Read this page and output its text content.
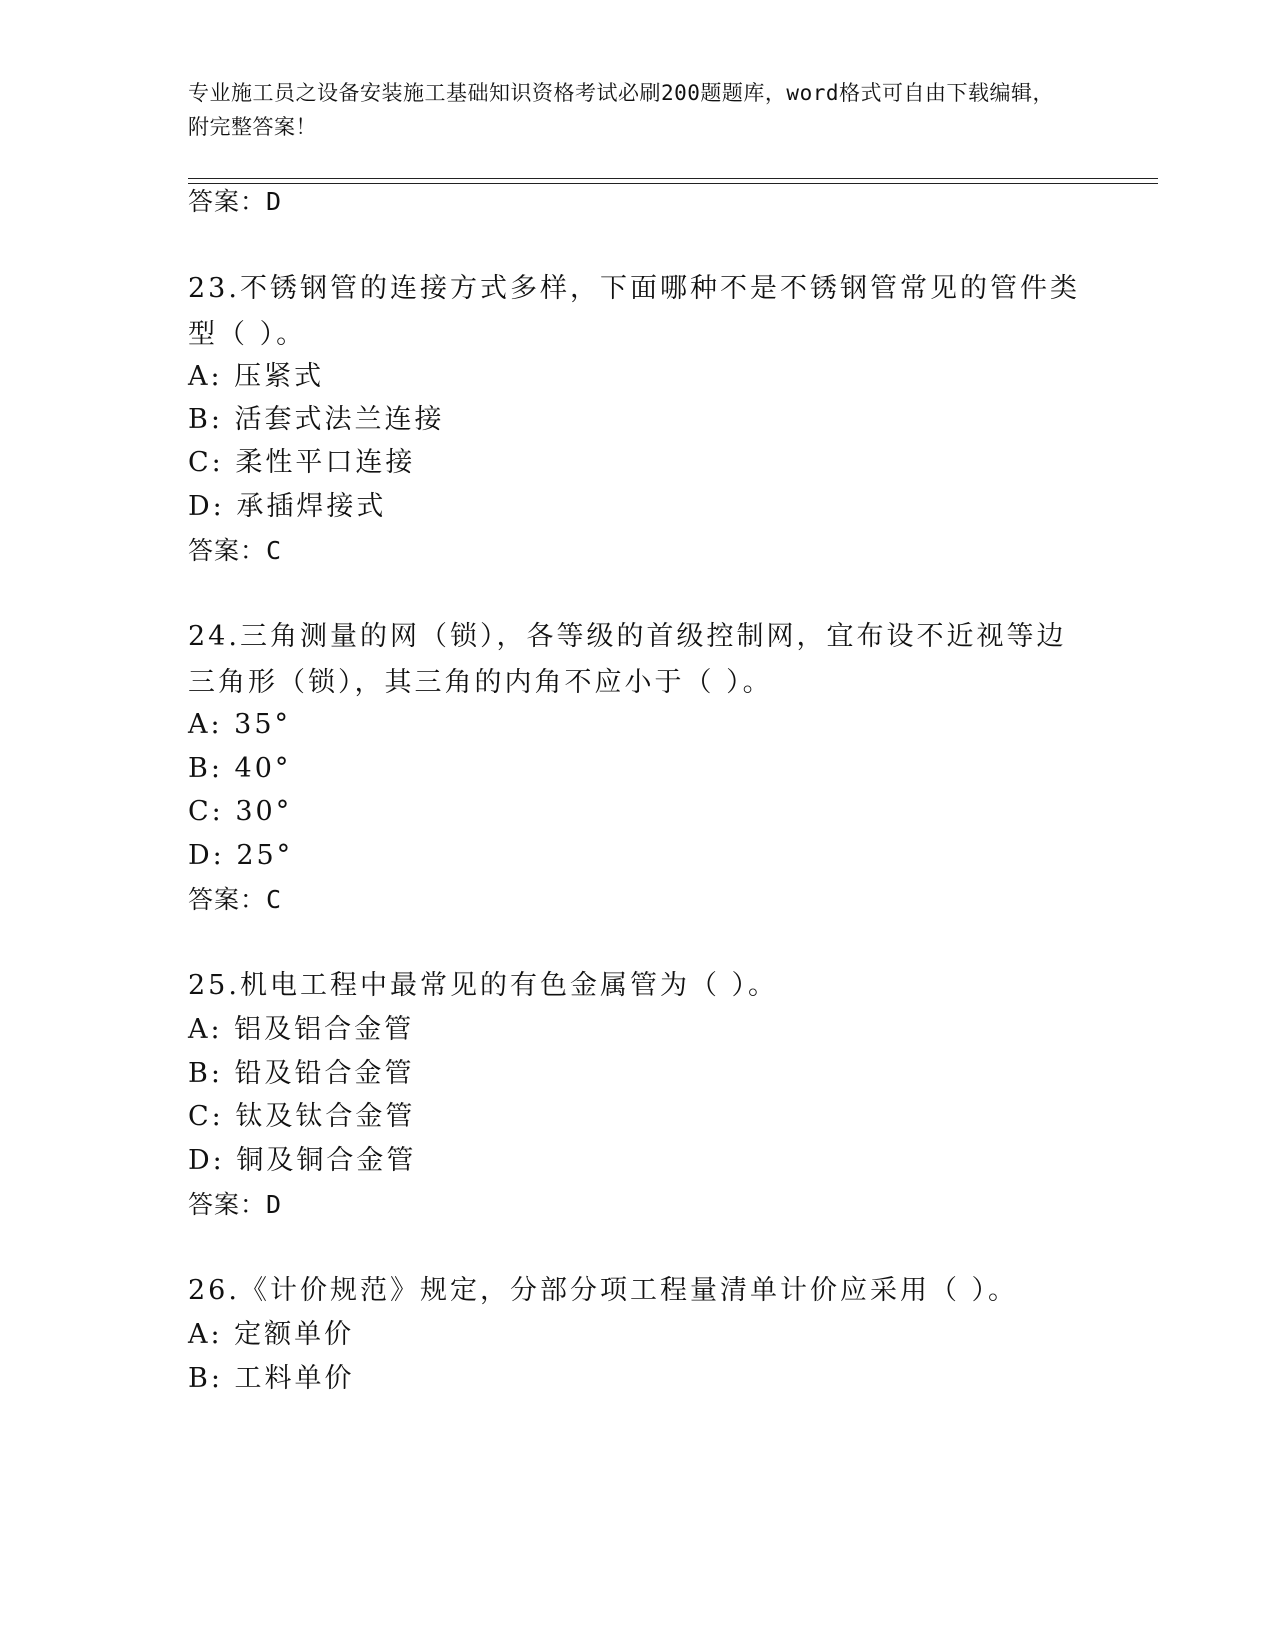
专业施工员之设备安装施工基础知识资格考试必刷200题题库，word格式可自由下载编辑，附完整答案！
答案：D
23.不锈钢管的连接方式多样，下面哪种不是不锈钢管常见的管件类型（ ）。
A: 压紧式
B: 活套式法兰连接
C: 柔性平口连接
D: 承插焊接式
答案：C
24.三角测量的网（锁），各等级的首级控制网，宜布设不近视等边三角形（锁），其三角的内角不应小于（ ）。
A: 35°
B: 40°
C: 30°
D: 25°
答案：C
25.机电工程中最常见的有色金属管为（ ）。
A: 铝及铝合金管
B: 铅及铅合金管
C: 钛及钛合金管
D: 铜及铜合金管
答案：D
26.《计价规范》规定，分部分项工程量清单计价应采用（ ）。
A: 定额单价
B: 工料单价
